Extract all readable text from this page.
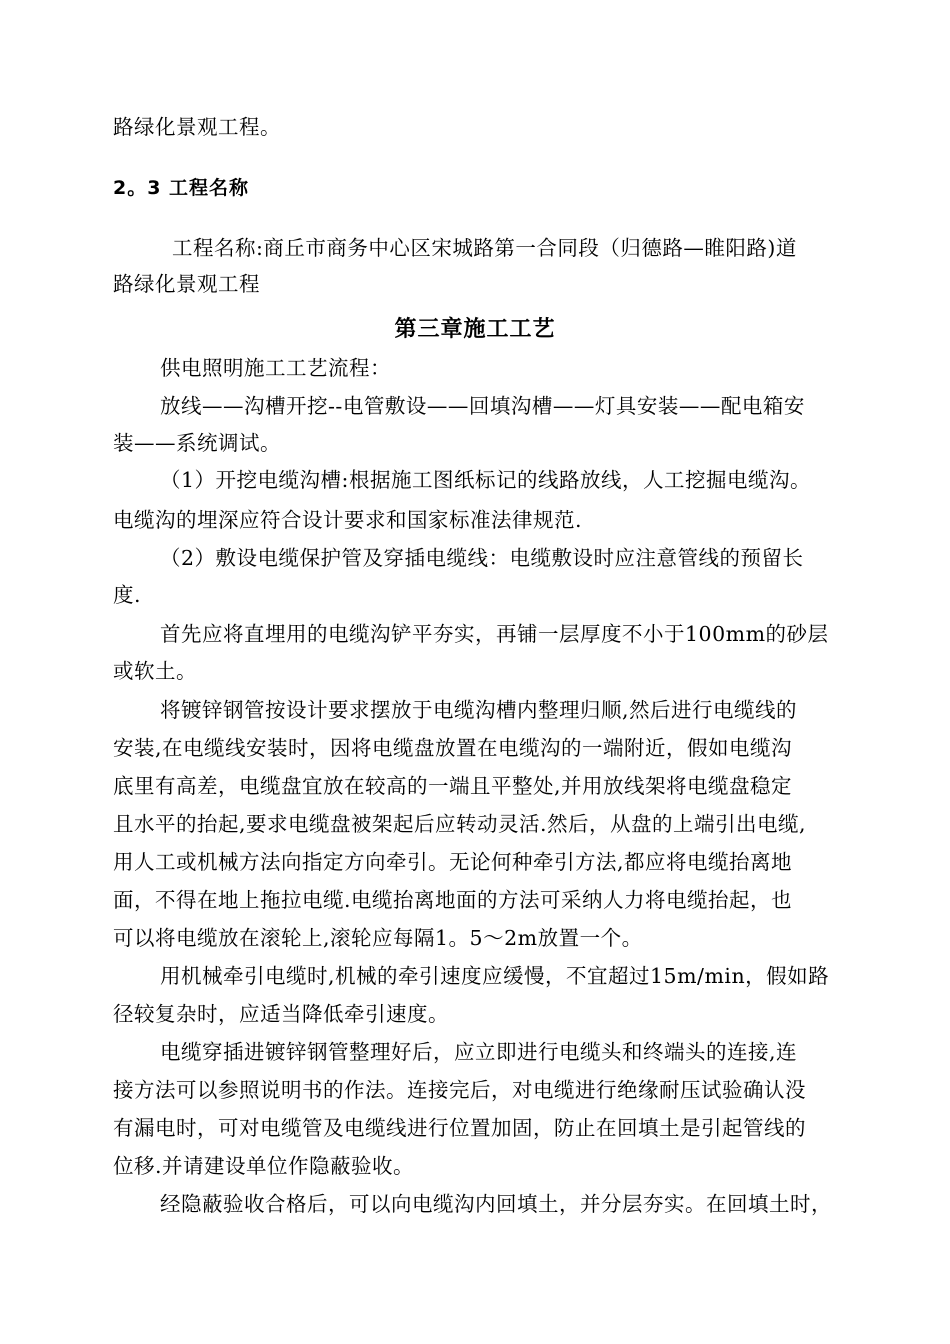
路绿化景观工程。
2。3 工程名称
工程名称:商丘市商务中心区宋城路第一合同段（归德路—睢阳路)道
路绿化景观工程
第三章施工工艺
供电照明施工工艺流程：
放线——沟槽开挖--电管敷设——回填沟槽——灯具安装——配电箱安
装——系统调试。
（1）开挖电缆沟槽:根据施工图纸标记的线路放线，人工挖掘电缆沟。
电缆沟的埋深应符合设计要求和国家标准法律规范.
（2）敷设电缆保护管及穿插电缆线：电缆敷设时应注意管线的预留长
度.
首先应将直埋用的电缆沟铲平夯实，再铺一层厚度不小于100mm的砂层
或软土。
将镀锌钢管按设计要求摆放于电缆沟槽内整理归顺,然后进行电缆线的
安装,在电缆线安装时，因将电缆盘放置在电缆沟的一端附近，假如电缆沟
底里有高差，电缆盘宜放在较高的一端且平整处,并用放线架将电缆盘稳定
且水平的抬起,要求电缆盘被架起后应转动灵活.然后，从盘的上端引出电缆,
用人工或机械方法向指定方向牵引。无论何种牵引方法,都应将电缆抬离地
面，不得在地上拖拉电缆.电缆抬离地面的方法可采纳人力将电缆抬起，也
可以将电缆放在滚轮上,滚轮应每隔1。5～2m放置一个。
用机械牵引电缆时,机械的牵引速度应缓慢，不宜超过15m/min，假如路
径较复杂时，应适当降低牵引速度。
电缆穿插进镀锌钢管整理好后，应立即进行电缆头和终端头的连接,连
接方法可以参照说明书的作法。连接完后，对电缆进行绝缘耐压试验确认没
有漏电时，可对电缆管及电缆线进行位置加固，防止在回填土是引起管线的
位移.并请建设单位作隐蔽验收。
经隐蔽验收合格后，可以向电缆沟内回填土，并分层夯实。在回填土时，
